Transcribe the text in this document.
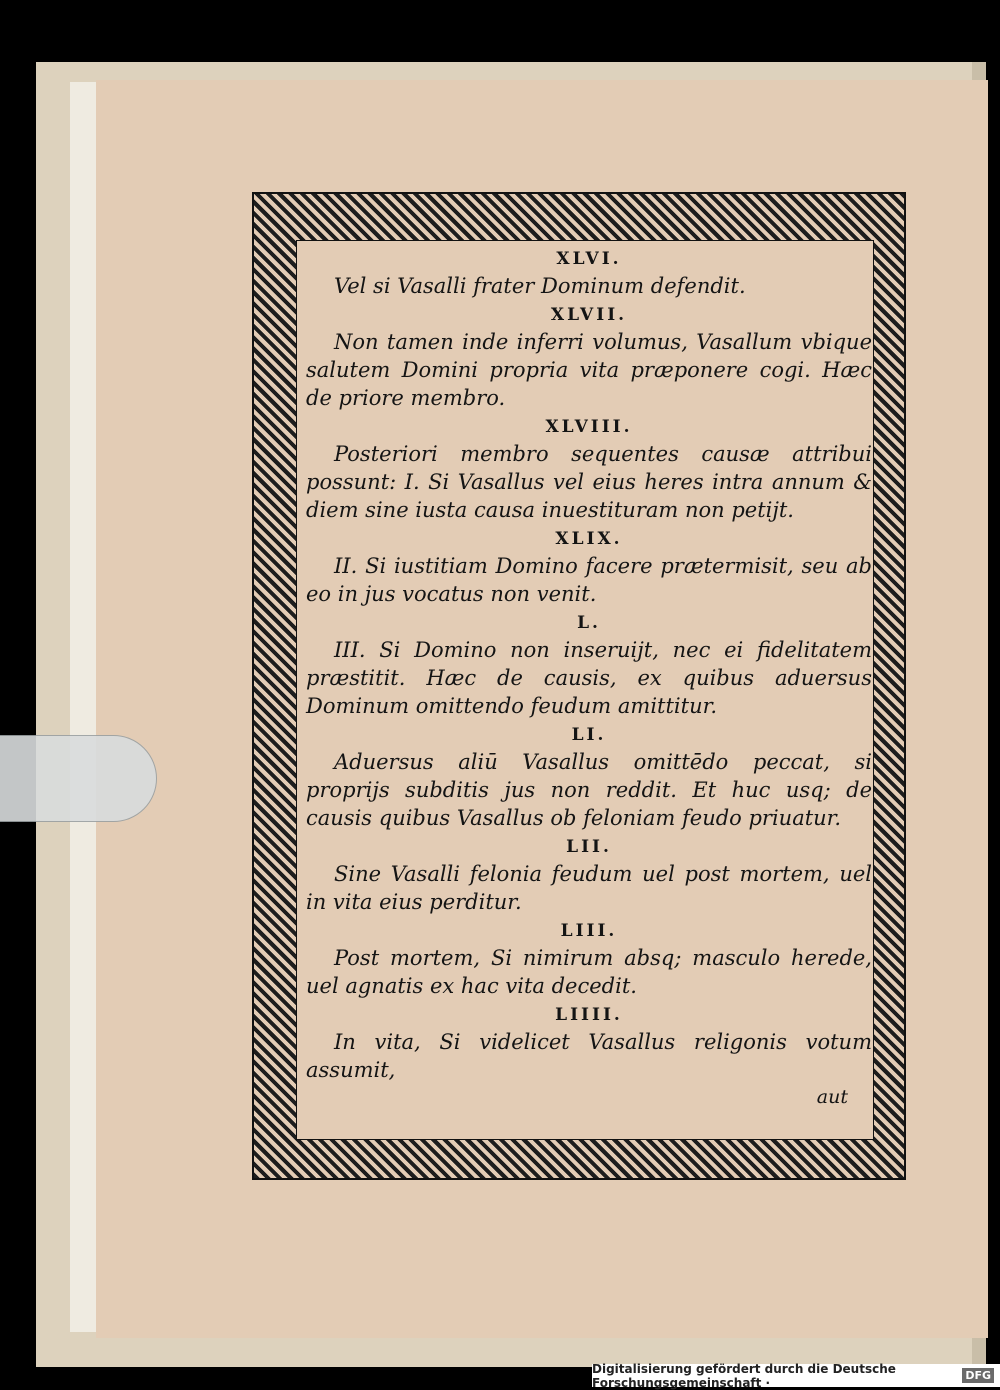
XLVI.

Vel si Vasalli frater Dominum defendit.

XLVII.

Non tamen inde inferri volumus, Vasallum vbique salutem Domini propria vita præponere cogi. Hæc de priore membro.

XLVIII.

Posteriori membro sequentes causæ attribui possunt: I. Si Vasallus vel eius heres intra annum & diem sine iusta causa inuestituram non petijt.

XLIX.

II. Si iustitiam Domino facere prætermisit, seu ab eo in jus vocatus non venit.

L.

III. Si Domino non inseruijt, nec ei fidelitatem præstitit. Hæc de causis, ex quibus aduersus Dominum omittendo feudum amittitur.

LI.

Aduersus aliū Vasallus omittēdo peccat, si proprijs subditis jus non reddit. Et huc usq; de causis quibus Vasallus ob feloniam feudo priuatur.

LII.

Sine Vasalli felonia feudum uel post mortem, uel in vita eius perditur.

LIII.

Post mortem, Si nimirum absq; masculo herede, uel agnatis ex hac vita decedit.

LIIII.

In vita, Si videlicet Vasallus religonis votum assumit,

aut

Digitalisierung gefördert durch die Deutsche Forschungsgemeinschaft ·	DFG
